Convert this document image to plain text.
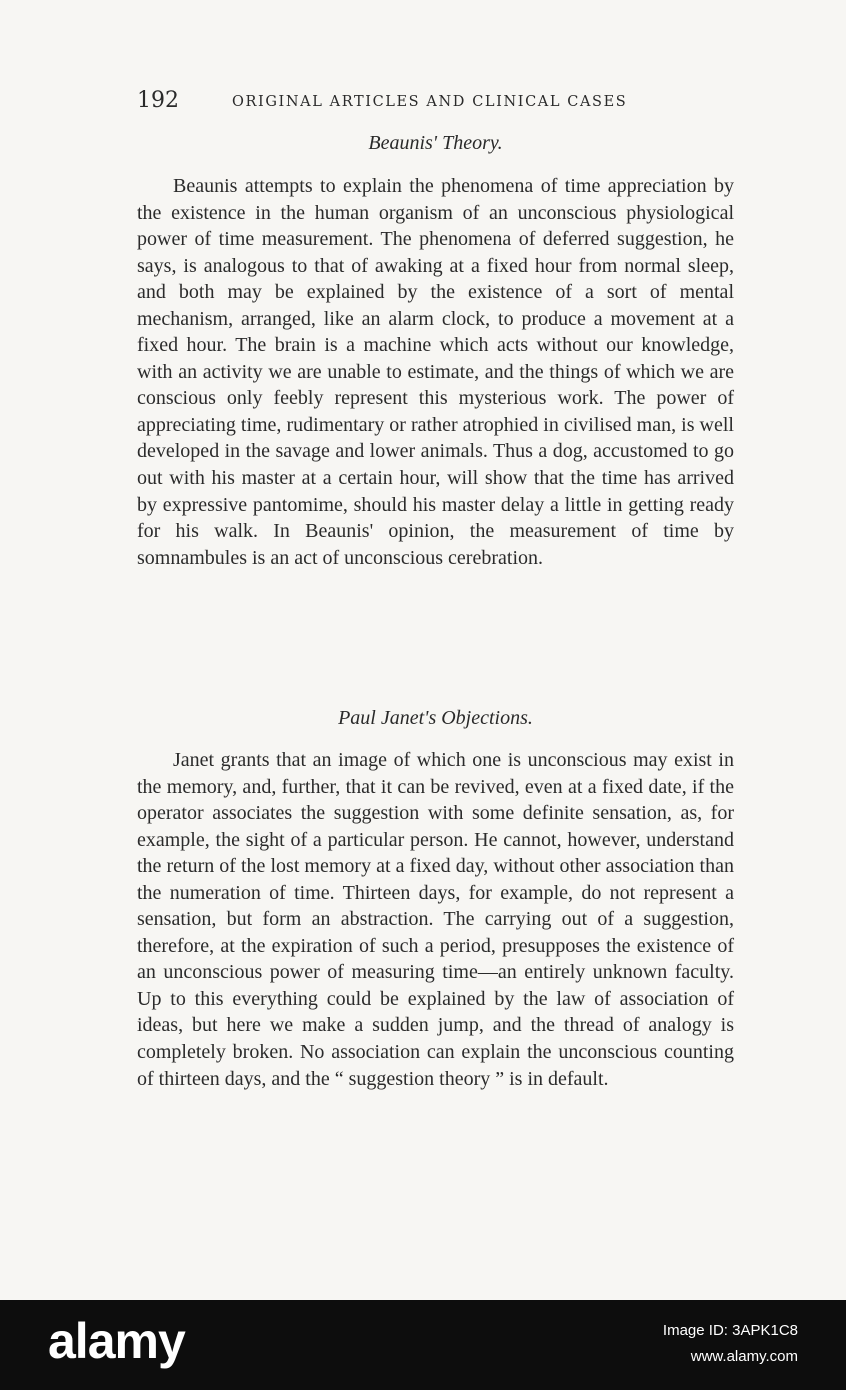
192	ORIGINAL ARTICLES AND CLINICAL CASES
Beaunis' Theory.

Beaunis attempts to explain the phenomena of time appreciation by the existence in the human organism of an unconscious physiological power of time measurement. The phenomena of deferred suggestion, he says, is analogous to that of awaking at a fixed hour from normal sleep, and both may be explained by the existence of a sort of mental mechanism, arranged, like an alarm clock, to produce a movement at a fixed hour. The brain is a machine which acts without our knowledge, with an activity we are unable to estimate, and the things of which we are conscious only feebly represent this mysterious work. The power of appreciating time, rudimentary or rather atrophied in civilised man, is well developed in the savage and lower animals. Thus a dog, accustomed to go out with his master at a certain hour, will show that the time has arrived by expressive pantomime, should his master delay a little in getting ready for his walk. In Beaunis' opinion, the measurement of time by somnambules is an act of unconscious cerebration.

Paul Janet's Objections.

Janet grants that an image of which one is unconscious may exist in the memory, and, further, that it can be revived, even at a fixed date, if the operator associates the suggestion with some definite sensation, as, for example, the sight of a particular person. He cannot, however, understand the return of the lost memory at a fixed day, without other association than the numeration of time. Thirteen days, for example, do not represent a sensation, but form an abstraction. The carrying out of a suggestion, therefore, at the expiration of such a period, presupposes the existence of an unconscious power of measuring time—an entirely unknown faculty. Up to this everything could be explained by the law of association of ideas, but here we make a sudden jump, and the thread of analogy is completely broken. No association can explain the unconscious counting of thirteen days, and the “ suggestion theory ” is in default.

alamy	Image ID: 3APK1C8
www.alamy.com
